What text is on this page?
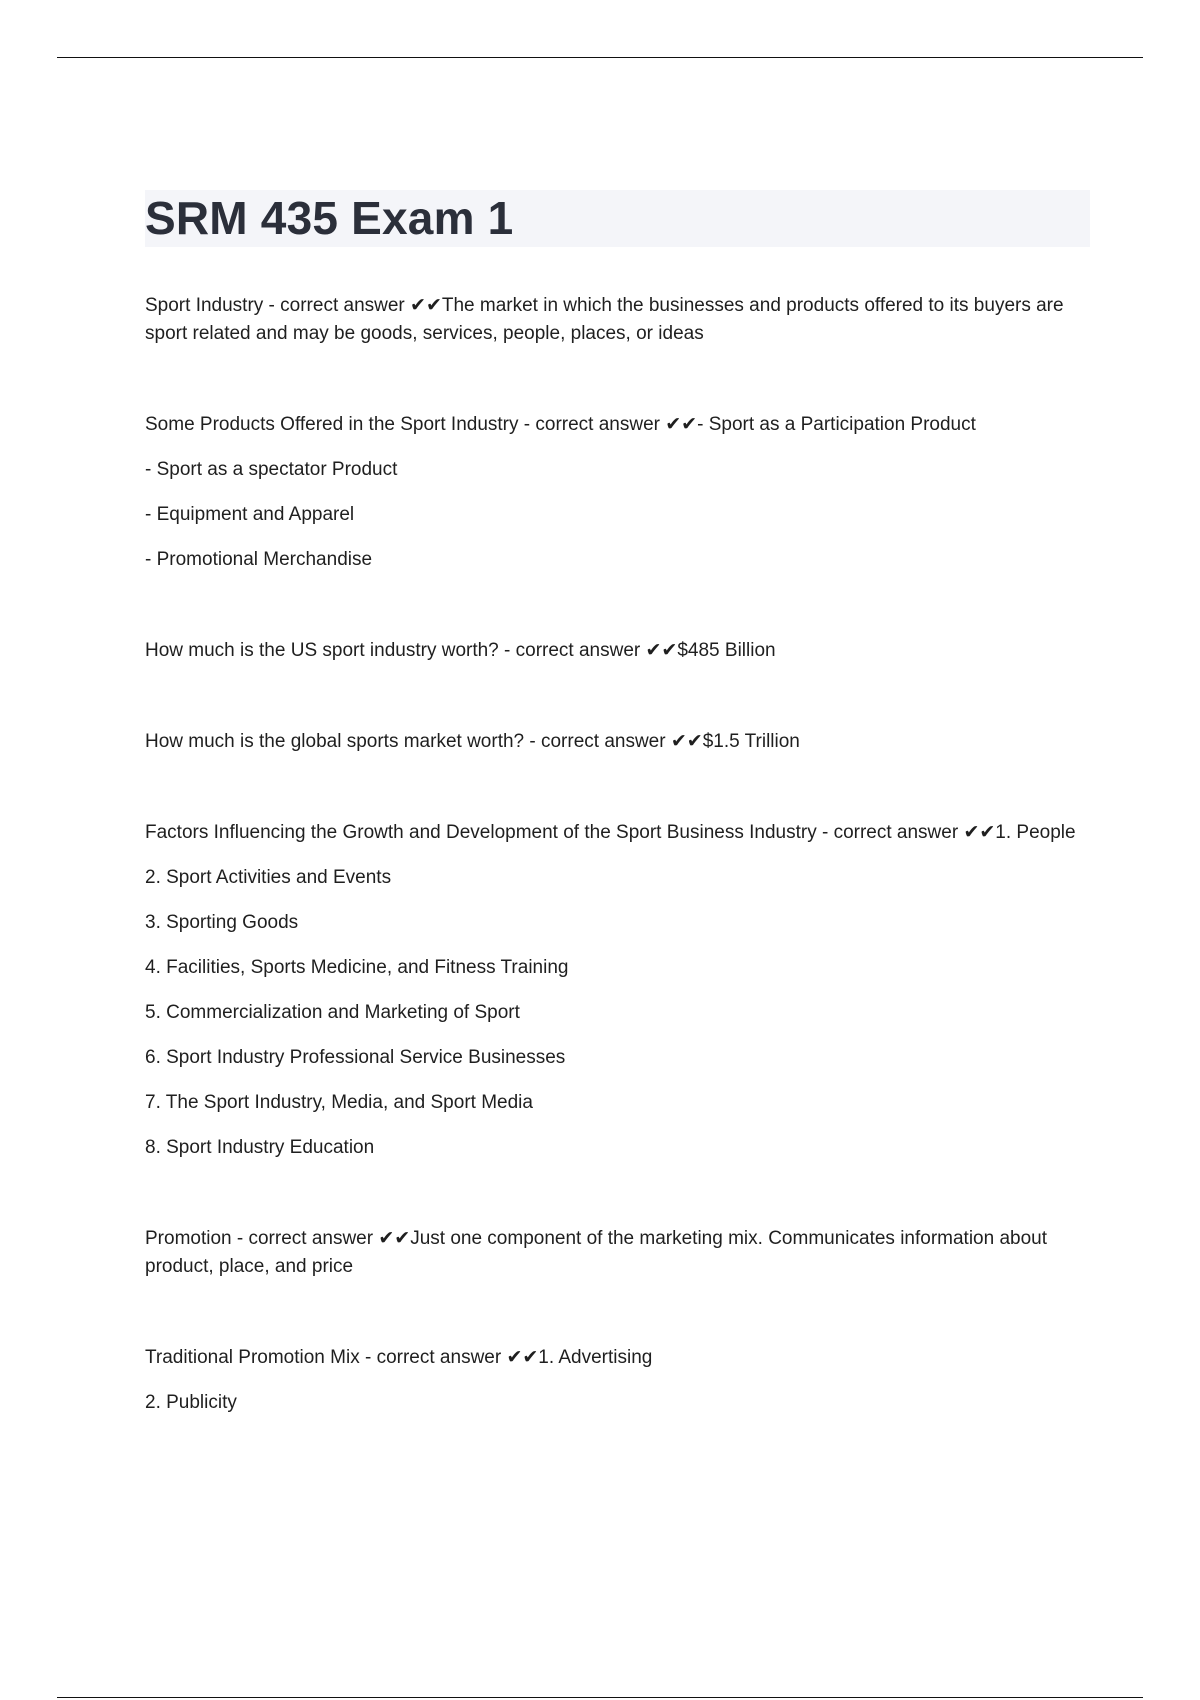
SRM 435 Exam 1

Sport Industry - correct answer ✔✔The market in which the businesses and products offered to its buyers are sport related and may be goods, services, people, places, or ideas

Some Products Offered in the Sport Industry - correct answer ✔✔- Sport as a Participation Product

- Sport as a spectator Product

- Equipment and Apparel

- Promotional Merchandise

How much is the US sport industry worth? - correct answer ✔✔$485 Billion

How much is the global sports market worth? - correct answer ✔✔$1.5 Trillion

Factors Influencing the Growth and Development of the Sport Business Industry - correct answer ✔✔1. People

2. Sport Activities and Events

3. Sporting Goods

4. Facilities, Sports Medicine, and Fitness Training

5. Commercialization and Marketing of Sport

6. Sport Industry Professional Service Businesses

7. The Sport Industry, Media, and Sport Media

8. Sport Industry Education

Promotion - correct answer ✔✔Just one component of the marketing mix. Communicates information about product, place, and price

Traditional Promotion Mix - correct answer ✔✔1. Advertising

2. Publicity
